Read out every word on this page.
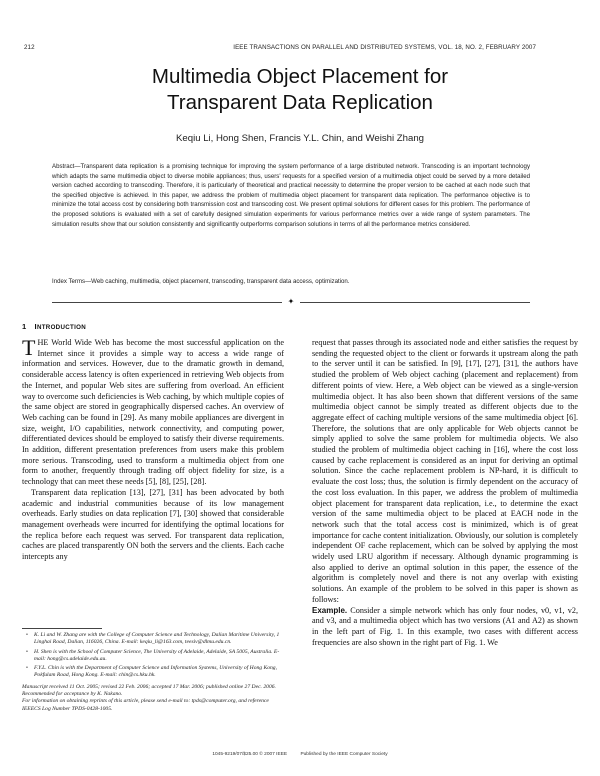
212	IEEE TRANSACTIONS ON PARALLEL AND DISTRIBUTED SYSTEMS, VOL. 18, NO. 2, FEBRUARY 2007
Multimedia Object Placement for
Transparent Data Replication
Keqiu Li, Hong Shen, Francis Y.L. Chin, and Weishi Zhang
Abstract—Transparent data replication is a promising technique for improving the system performance of a large distributed network. Transcoding is an important technology which adapts the same multimedia object to diverse mobile appliances; thus, users' requests for a specified version of a multimedia object could be served by a more detailed version cached according to transcoding. Therefore, it is particularly of theoretical and practical necessity to determine the proper version to be cached at each node such that the specified objective is achieved. In this paper, we address the problem of multimedia object placement for transparent data replication. The performance objective is to minimize the total access cost by considering both transmission cost and transcoding cost. We present optimal solutions for different cases for this problem. The performance of the proposed solutions is evaluated with a set of carefully designed simulation experiments for various performance metrics over a wide range of system parameters. The simulation results show that our solution consistently and significantly outperforms comparison solutions in terms of all the performance metrics considered.
Index Terms—Web caching, multimedia, object placement, transcoding, transparent data access, optimization.
✦
1 INTRODUCTION

THE World Wide Web has become the most successful application on the Internet since it provides a simple way to access a wide range of information and services. However, due to the dramatic growth in demand, considerable access latency is often experienced in retrieving Web objects from the Internet, and popular Web sites are suffering from overload. An efficient way to overcome such deficiencies is Web caching, by which multiple copies of the same object are stored in geographically dispersed caches. An overview of Web caching can be found in [29]. As many mobile appliances are divergent in size, weight, I/O capabilities, network connectivity, and computing power, differentiated devices should be employed to satisfy their diverse requirements. In addition, different presentation preferences from users make this problem more serious. Transcoding, used to transform a multimedia object from one form to another, frequently through trading off object fidelity for size, is a technology that can meet these needs [5], [8], [25], [28].

Transparent data replication [13], [27], [31] has been advocated by both academic and industrial communities because of its low management overheads. Early studies on data replication [7], [30] showed that considerable management overheads were incurred for identifying the optimal locations for the replica before each request was served. For transparent data replication, caches are placed transparently ON both the servers and the clients. Each cache intercepts any

request that passes through its associated node and either satisfies the request by sending the requested object to the client or forwards it upstream along the path to the server until it can be satisfied. In [9], [17], [27], [31], the authors have studied the problem of Web object caching (placement and replacement) from different points of view. Here, a Web object can be viewed as a single-version multimedia object. It has also been shown that different versions of the same multimedia object cannot be simply treated as different objects due to the aggregate effect of caching multiple versions of the same multimedia object [6]. Therefore, the solutions that are only applicable for Web objects cannot be simply applied to solve the same problem for multimedia objects. We also studied the problem of multimedia object caching in [16], where the cost loss caused by cache replacement is considered as an input for deriving an optimal solution. Since the cache replacement problem is NP-hard, it is difficult to evaluate the cost loss; thus, the solution is firmly dependent on the accuracy of the cost loss evaluation. In this paper, we address the problem of multimedia object placement for transparent data replication, i.e., to determine the exact version of the same multimedia object to be placed at EACH node in the network such that the total access cost is minimized, which is of great importance for cache content initialization. Obviously, our solution is completely independent OF cache replacement, which can be solved by applying the most widely used LRU algorithm if necessary. Although dynamic programming is also applied to derive an optimal solution in this paper, the essence of the algorithm is completely novel and there is not any overlap with existing solutions. An example of the problem to be solved in this paper is shown as follows:

Example. Consider a simple network which has only four nodes, v0, v1, v2, and v3, and a multimedia object which has two versions (A1 and A2) as shown in the left part of Fig. 1. In this example, two cases with different access frequencies are also shown in the right part of Fig. 1. We

• K. Li and W. Zhang are with the College of Computer Science and Technology, Dalian Maritime University, 1 Linghai Road, Dalian, 116026, China. E-mail: keqiu_li@163.com, teesiv@dlmu.edu.cn.
• H. Shen is with the School of Computer Science, The University of Adelaide, Adelaide, SA 5005, Australia. E-mail: hong@cs.adelaide.edu.au.
• F.Y.L. Chin is with the Department of Computer Science and Information Systems, University of Hong Kong, Pokfulam Road, Hong Kong. E-mail: chin@cs.hku.hk.
Manuscript received 11 Oct. 2005; revised 22 Feb. 2006; accepted 17 Mar. 2006; published online 27 Dec. 2006.
Recommended for acceptance by K. Nakano.
For information on obtaining reprints of this article, please send e-mail to: tpds@computer.org, and reference IEEECS Log Number TPDS-0428-1005.
1045-9219/07/$25.00 © 2007 IEEE	Published by the IEEE Computer Society
